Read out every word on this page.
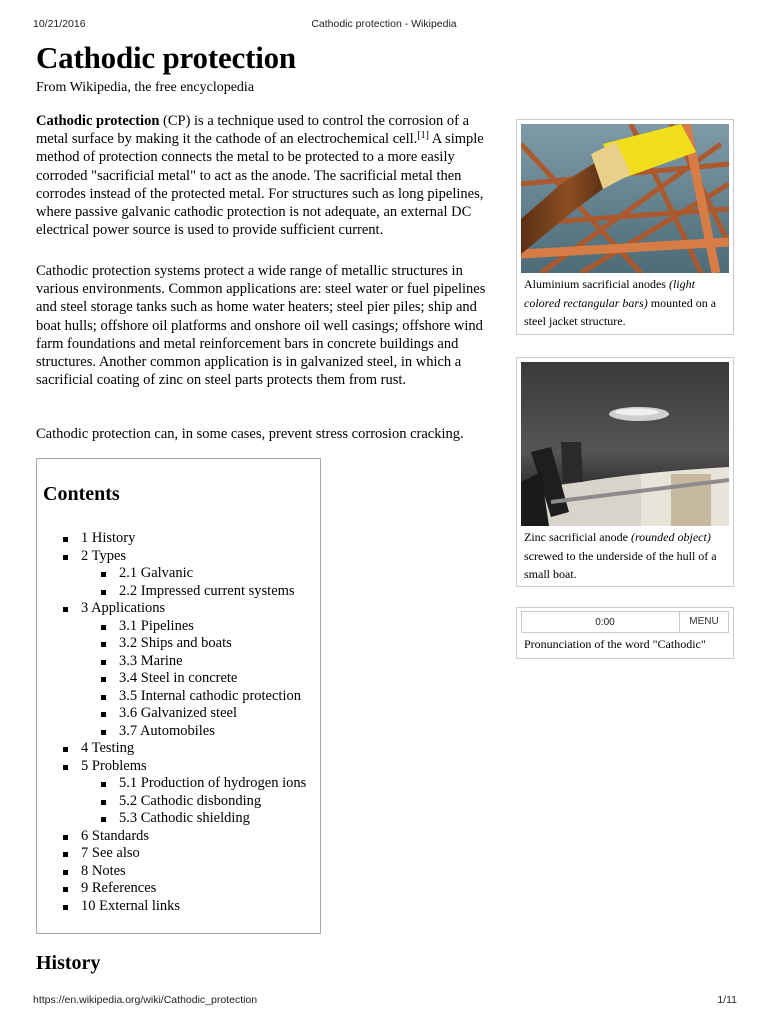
10/21/2016	Cathodic protection - Wikipedia
Cathodic protection
From Wikipedia, the free encyclopedia

Cathodic protection (CP) is a technique used to control the corrosion of a metal surface by making it the cathode of an electrochemical cell.[1] A simple method of protection connects the metal to be protected to a more easily corroded "sacrificial metal" to act as the anode. The sacrificial metal then corrodes instead of the protected metal. For structures such as long pipelines, where passive galvanic cathodic protection is not adequate, an external DC electrical power source is used to provide sufficient current.

Cathodic protection systems protect a wide range of metallic structures in various environments. Common applications are: steel water or fuel pipelines and steel storage tanks such as home water heaters; steel pier piles; ship and boat hulls; offshore oil platforms and onshore oil well casings; offshore wind farm foundations and metal reinforcement bars in concrete buildings and structures. Another common application is in galvanized steel, in which a sacrificial coating of zinc on steel parts protects them from rust.

Cathodic protection can, in some cases, prevent stress corrosion cracking.

Contents
1 History
2 Types
2.1 Galvanic
2.2 Impressed current systems
3 Applications
3.1 Pipelines
3.2 Ships and boats
3.3 Marine
3.4 Steel in concrete
3.5 Internal cathodic protection
3.6 Galvanized steel
3.7 Automobiles
4 Testing
5 Problems
5.1 Production of hydrogen ions
5.2 Cathodic disbonding
5.3 Cathodic shielding
6 Standards
7 See also
8 Notes
9 References
10 External links
Aluminium sacrificial anodes (light colored rectangular bars) mounted on a steel jacket structure.
Zinc sacrificial anode (rounded object) screwed to the underside of the hull of a small boat.
0:00	MENU
Pronunciation of the word "Cathodic"
History
https://en.wikipedia.org/wiki/Cathodic_protection	1/11
